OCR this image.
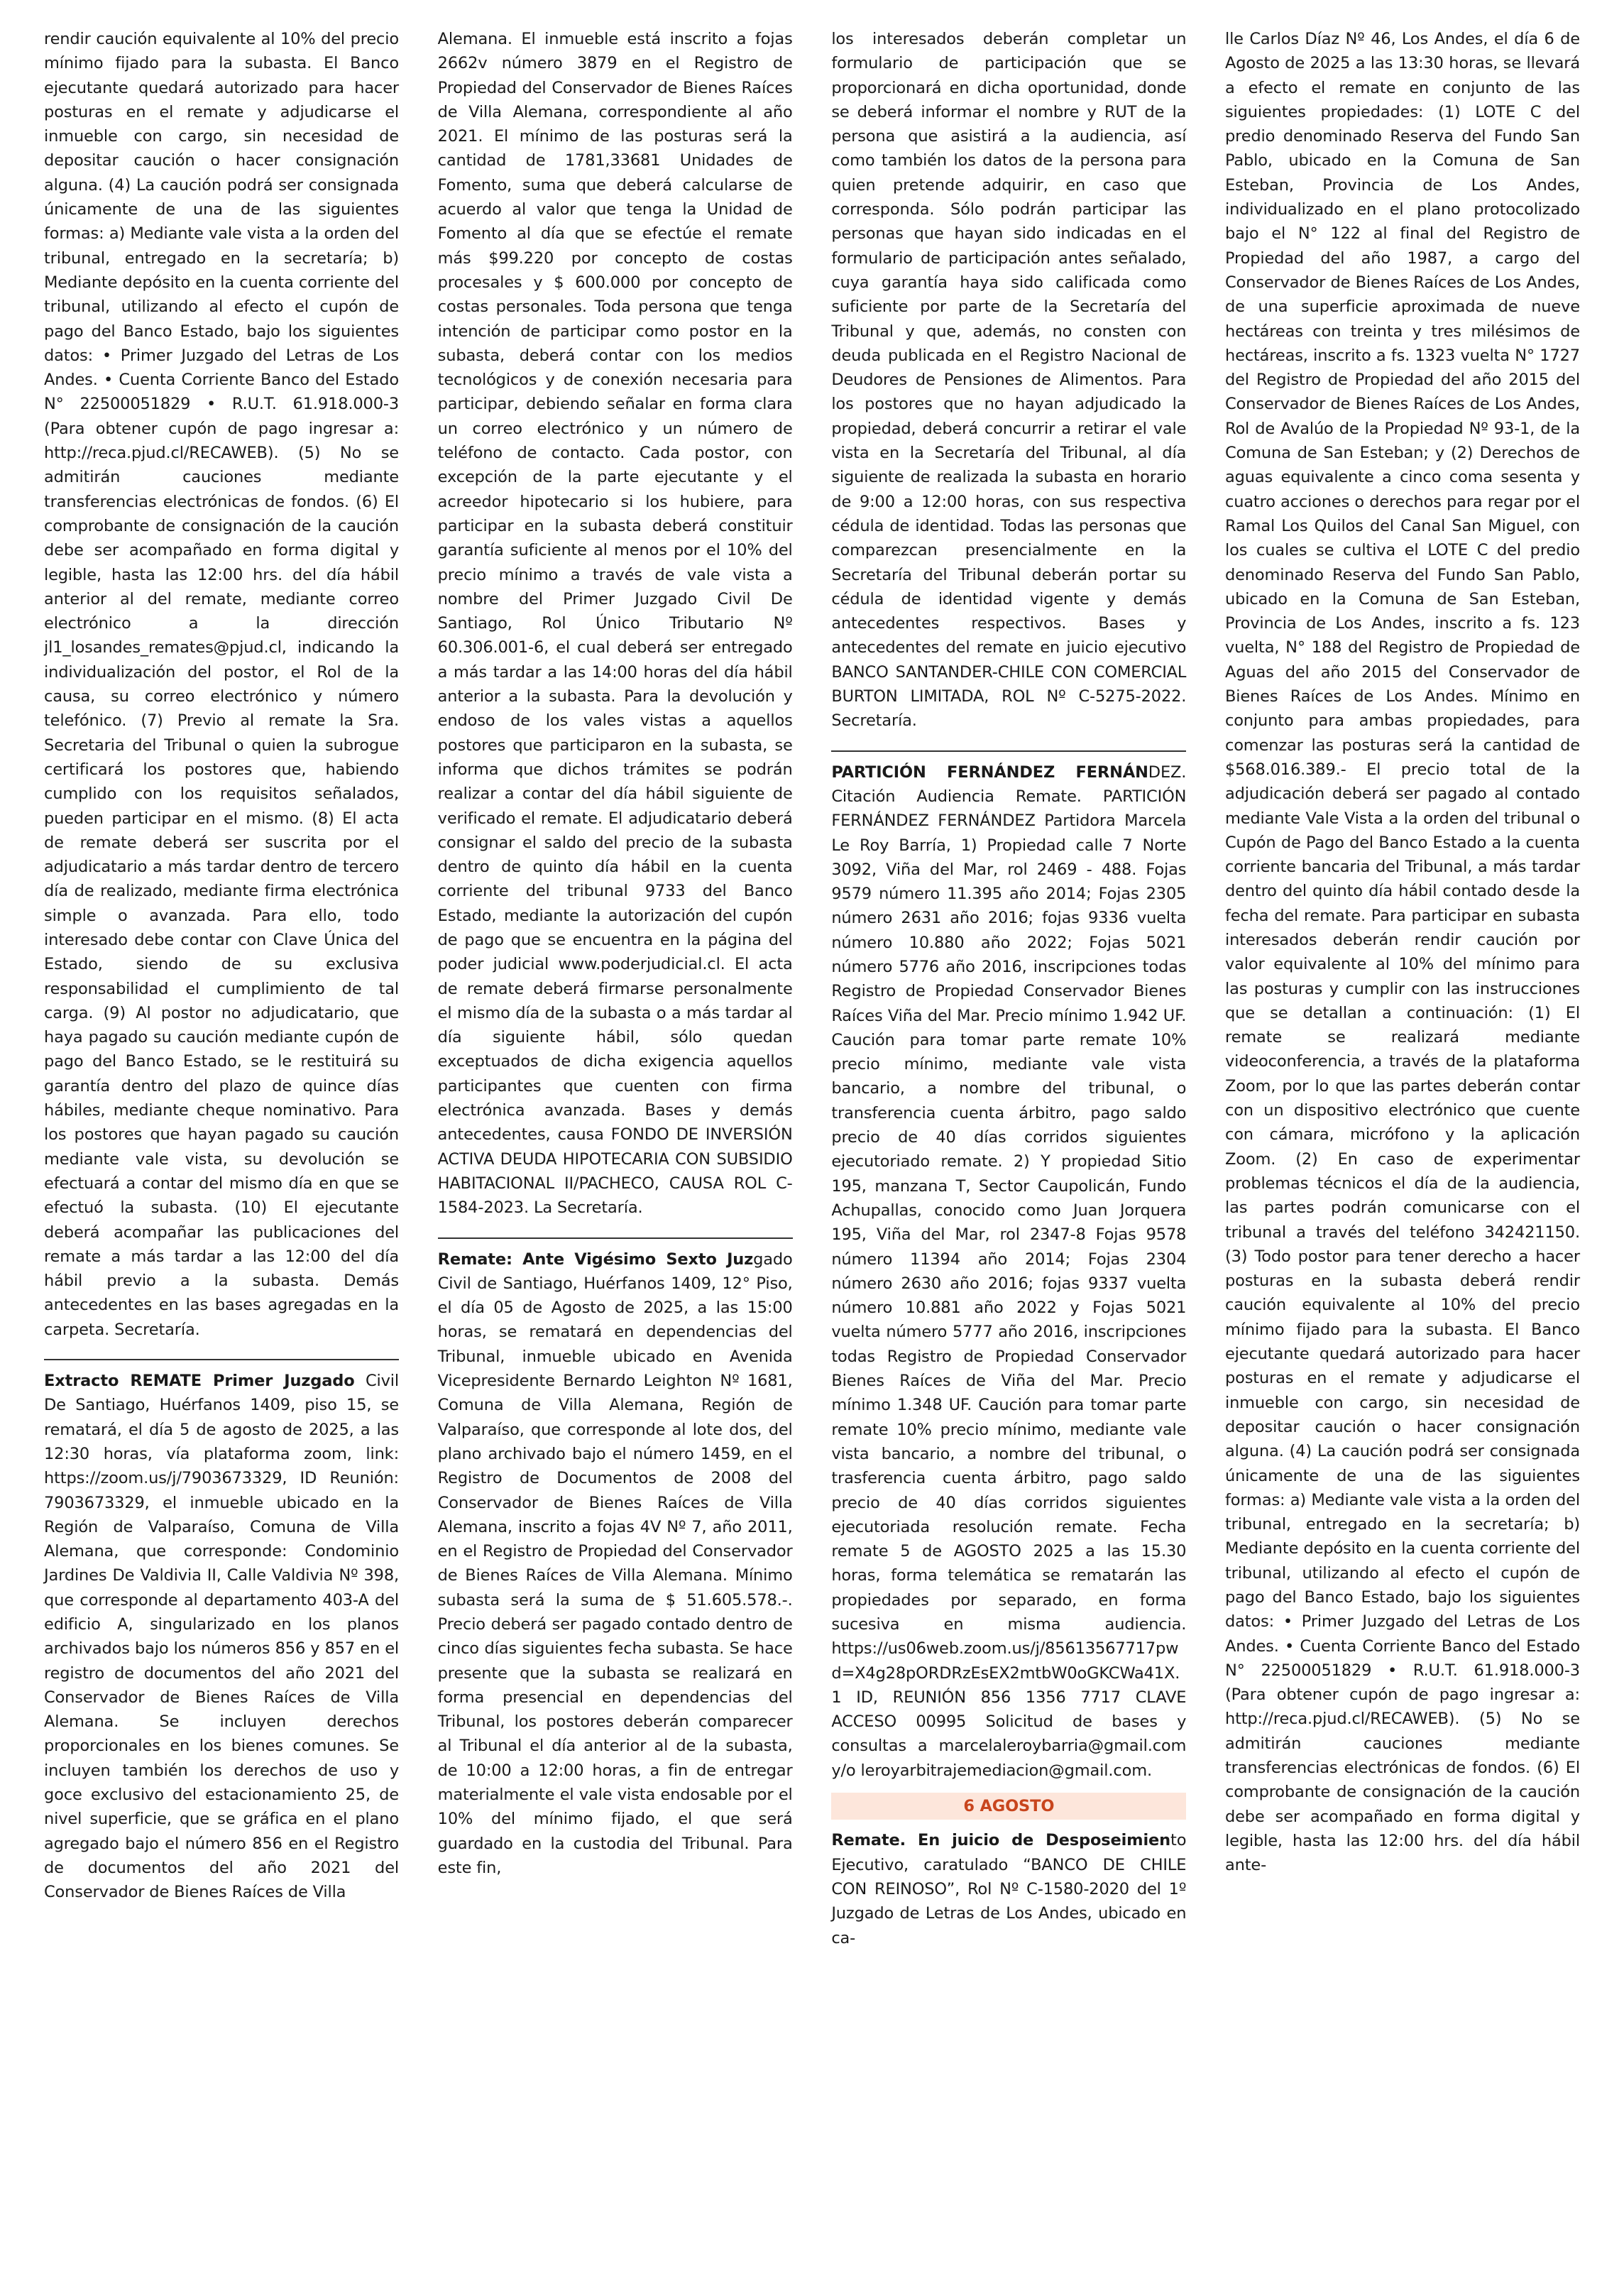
rendir caución equivalente al 10% del precio mínimo fijado para la subasta. El Banco ejecutante quedará autorizado para hacer posturas en el remate y adjudicarse el inmueble con cargo, sin necesidad de depositar caución o hacer consignación alguna. (4) La caución podrá ser consignada únicamente de una de las siguientes formas: a) Mediante vale vista a la orden del tribunal, entregado en la secretaría; b) Mediante depósito en la cuenta corriente del tribunal, utilizando al efecto el cupón de pago del Banco Estado, bajo los siguientes datos: • Primer Juzgado del Letras de Los Andes. • Cuenta Corriente Banco del Estado N° 22500051829 • R.U.T. 61.918.000-3 (Para obtener cupón de pago ingresar a: http://reca.pjud.cl/RECAWEB). (5) No se admitirán cauciones mediante transferencias electrónicas de fondos. (6) El comprobante de consignación de la caución debe ser acompañado en forma digital y legible, hasta las 12:00 hrs. del día hábil anterior al del remate, mediante correo electrónico a la dirección jl1_losandes_remates@pjud.cl, indicando la individualización del postor, el Rol de la causa, su correo electrónico y número telefónico. (7) Previo al remate la Sra. Secretaria del Tribunal o quien la subrogue certificará los postores que, habiendo cumplido con los requisitos señalados, pueden participar en el mismo. (8) El acta de remate deberá ser suscrita por el adjudicatario a más tardar dentro de tercero día de realizado, mediante firma electrónica simple o avanzada. Para ello, todo interesado debe contar con Clave Única del Estado, siendo de su exclusiva responsabilidad el cumplimiento de tal carga. (9) Al postor no adjudicatario, que haya pagado su caución mediante cupón de pago del Banco Estado, se le restituirá su garantía dentro del plazo de quince días hábiles, mediante cheque nominativo. Para los postores que hayan pagado su caución mediante vale vista, su devolución se efectuará a contar del mismo día en que se efectuó la subasta. (10) El ejecutante deberá acompañar las publicaciones del remate a más tardar a las 12:00 del día hábil previo a la subasta. Demás antecedentes en las bases agregadas en la carpeta. Secretaría.

Extracto REMATE Primer Juzgado Civil De Santiago, Huérfanos 1409, piso 15, se rematará, el día 5 de agosto de 2025, a las 12:30 horas, vía plataforma zoom, link: https://zoom.us/j/7903673329, ID Reunión: 7903673329, el inmueble ubicado en la Región de Valparaíso, Comuna de Villa Alemana, que corresponde: Condominio Jardines De Valdivia II, Calle Valdivia Nº 398, que corresponde al departamento 403-A del edificio A, singularizado en los planos archivados bajo los números 856 y 857 en el registro de documentos del año 2021 del Conservador de Bienes Raíces de Villa Alemana. Se incluyen derechos proporcionales en los bienes comunes. Se incluyen también los derechos de uso y goce exclusivo del estacionamiento 25, de nivel superficie, que se gráfica en el plano agregado bajo el número 856 en el Registro de documentos del año 2021 del Conservador de Bienes Raíces de Villa

Alemana. El inmueble está inscrito a fojas 2662v número 3879 en el Registro de Propiedad del Conservador de Bienes Raíces de Villa Alemana, correspondiente al año 2021. El mínimo de las posturas será la cantidad de 1781,33681 Unidades de Fomento, suma que deberá calcularse de acuerdo al valor que tenga la Unidad de Fomento al día que se efectúe el remate más $99.220 por concepto de costas procesales y $ 600.000 por concepto de costas personales. Toda persona que tenga intención de participar como postor en la subasta, deberá contar con los medios tecnológicos y de conexión necesaria para participar, debiendo señalar en forma clara un correo electrónico y un número de teléfono de contacto. Cada postor, con excepción de la parte ejecutante y el acreedor hipotecario si los hubiere, para participar en la subasta deberá constituir garantía suficiente al menos por el 10% del precio mínimo a través de vale vista a nombre del Primer Juzgado Civil De Santiago, Rol Único Tributario Nº 60.306.001-6, el cual deberá ser entregado a más tardar a las 14:00 horas del día hábil anterior a la subasta. Para la devolución y endoso de los vales vistas a aquellos postores que participaron en la subasta, se informa que dichos trámites se podrán realizar a contar del día hábil siguiente de verificado el remate. El adjudicatario deberá consignar el saldo del precio de la subasta dentro de quinto día hábil en la cuenta corriente del tribunal 9733 del Banco Estado, mediante la autorización del cupón de pago que se encuentra en la página del poder judicial www.poderjudicial.cl. El acta de remate deberá firmarse personalmente el mismo día de la subasta o a más tardar al día siguiente hábil, sólo quedan exceptuados de dicha exigencia aquellos participantes que cuenten con firma electrónica avanzada. Bases y demás antecedentes, causa FONDO DE INVERSIÓN ACTIVA DEUDA HIPOTECARIA CON SUBSIDIO HABITACIONAL II/PACHECO, CAUSA ROL C-1584-2023. La Secretaría.

Remate: Ante Vigésimo Sexto Juzgado Civil de Santiago, Huérfanos 1409, 12° Piso, el día 05 de Agosto de 2025, a las 15:00 horas, se rematará en dependencias del Tribunal, inmueble ubicado en Avenida Vicepresidente Bernardo Leighton Nº 1681, Comuna de Villa Alemana, Región de Valparaíso, que corresponde al lote dos, del plano archivado bajo el número 1459, en el Registro de Documentos de 2008 del Conservador de Bienes Raíces de Villa Alemana, inscrito a fojas 4V Nº 7, año 2011, en el Registro de Propiedad del Conservador de Bienes Raíces de Villa Alemana. Mínimo subasta será la suma de $ 51.605.578.-. Precio deberá ser pagado contado dentro de cinco días siguientes fecha subasta. Se hace presente que la subasta se realizará en forma presencial en dependencias del Tribunal, los postores deberán comparecer al Tribunal el día anterior al de la subasta, de 10:00 a 12:00 horas, a fin de entregar materialmente el vale vista endosable por el 10% del mínimo fijado, el que será guardado en la custodia del Tribunal. Para este fin,

los interesados deberán completar un formulario de participación que se proporcionará en dicha oportunidad, donde se deberá informar el nombre y RUT de la persona que asistirá a la audiencia, así como también los datos de la persona para quien pretende adquirir, en caso que corresponda. Sólo podrán participar las personas que hayan sido indicadas en el formulario de participación antes señalado, cuya garantía haya sido calificada como suficiente por parte de la Secretaría del Tribunal y que, además, no consten con deuda publicada en el Registro Nacional de Deudores de Pensiones de Alimentos. Para los postores que no hayan adjudicado la propiedad, deberá concurrir a retirar el vale vista en la Secretaría del Tribunal, al día siguiente de realizada la subasta en horario de 9:00 a 12:00 horas, con sus respectiva cédula de identidad. Todas las personas que comparezcan presencialmente en la Secretaría del Tribunal deberán portar su cédula de identidad vigente y demás antecedentes respectivos. Bases y antecedentes del remate en juicio ejecutivo BANCO SANTANDER-CHILE CON COMERCIAL BURTON LIMITADA, ROL Nº C-5275-2022. Secretaría.

PARTICIÓN FERNÁNDEZ FERNÁNDEZ. Citación Audiencia Remate. PARTICIÓN FERNÁNDEZ FERNÁNDEZ Partidora Marcela Le Roy Barría, 1) Propiedad calle 7 Norte 3092, Viña del Mar, rol 2469 - 488. Fojas 9579 número 11.395 año 2014; Fojas 2305 número 2631 año 2016; fojas 9336 vuelta número 10.880 año 2022; Fojas 5021 número 5776 año 2016, inscripciones todas Registro de Propiedad Conservador Bienes Raíces Viña del Mar. Precio mínimo 1.942 UF. Caución para tomar parte remate 10% precio mínimo, mediante vale vista bancario, a nombre del tribunal, o transferencia cuenta árbitro, pago saldo precio de 40 días corridos siguientes ejecutoriado remate. 2) Y propiedad Sitio 195, manzana T, Sector Caupolicán, Fundo Achupallas, conocido como Juan Jorquera 195, Viña del Mar, rol 2347-8 Fojas 9578 número 11394 año 2014; Fojas 2304 número 2630 año 2016; fojas 9337 vuelta número 10.881 año 2022 y Fojas 5021 vuelta número 5777 año 2016, inscripciones todas Registro de Propiedad Conservador Bienes Raíces de Viña del Mar. Precio mínimo 1.348 UF. Caución para tomar parte remate 10% precio mínimo, mediante vale vista bancario, a nombre del tribunal, o trasferencia cuenta árbitro, pago saldo precio de 40 días corridos siguientes ejecutoriada resolución remate. Fecha remate 5 de AGOSTO 2025 a las 15.30 horas, forma telemática se rematarán las propiedades por separado, en forma sucesiva en misma audiencia. https://us06web.zoom.us/j/85613567717pwd=X4g28pORDRzEsEX2mtbW0oGKCWa41X.1 ID, REUNIÓN 856 1356 7717 CLAVE ACCESO 00995 Solicitud de bases y consultas a marcelaleroybarria@gmail.com y/o leroyarbitrajemediacion@gmail.com.

6 AGOSTO

Remate. En juicio de Desposeimiento Ejecutivo, caratulado “BANCO DE CHILE CON REINOSO”, Rol Nº C-1580-2020 del 1º Juzgado de Letras de Los Andes, ubicado en ca-

lle Carlos Díaz Nº 46, Los Andes, el día 6 de Agosto de 2025 a las 13:30 horas, se llevará a efecto el remate en conjunto de las siguientes propiedades: (1) LOTE C del predio denominado Reserva del Fundo San Pablo, ubicado en la Comuna de San Esteban, Provincia de Los Andes, individualizado en el plano protocolizado bajo el N° 122 al final del Registro de Propiedad del año 1987, a cargo del Conservador de Bienes Raíces de Los Andes, de una superficie aproximada de nueve hectáreas con treinta y tres milésimos de hectáreas, inscrito a fs. 1323 vuelta N° 1727 del Registro de Propiedad del año 2015 del Conservador de Bienes Raíces de Los Andes, Rol de Avalúo de la Propiedad Nº 93-1, de la Comuna de San Esteban; y (2) Derechos de aguas equivalente a cinco coma sesenta y cuatro acciones o derechos para regar por el Ramal Los Quilos del Canal San Miguel, con los cuales se cultiva el LOTE C del predio denominado Reserva del Fundo San Pablo, ubicado en la Comuna de San Esteban, Provincia de Los Andes, inscrito a fs. 123 vuelta, N° 188 del Registro de Propiedad de Aguas del año 2015 del Conservador de Bienes Raíces de Los Andes. Mínimo en conjunto para ambas propiedades, para comenzar las posturas será la cantidad de $568.016.389.- El precio total de la adjudicación deberá ser pagado al contado mediante Vale Vista a la orden del tribunal o Cupón de Pago del Banco Estado a la cuenta corriente bancaria del Tribunal, a más tardar dentro del quinto día hábil contado desde la fecha del remate. Para participar en subasta interesados deberán rendir caución por valor equivalente al 10% del mínimo para las posturas y cumplir con las instrucciones que se detallan a continuación: (1) El remate se realizará mediante videoconferencia, a través de la plataforma Zoom, por lo que las partes deberán contar con un dispositivo electrónico que cuente con cámara, micrófono y la aplicación Zoom. (2) En caso de experimentar problemas técnicos el día de la audiencia, las partes podrán comunicarse con el tribunal a través del teléfono 342421150. (3) Todo postor para tener derecho a hacer posturas en la subasta deberá rendir caución equivalente al 10% del precio mínimo fijado para la subasta. El Banco ejecutante quedará autorizado para hacer posturas en el remate y adjudicarse el inmueble con cargo, sin necesidad de depositar caución o hacer consignación alguna. (4) La caución podrá ser consignada únicamente de una de las siguientes formas: a) Mediante vale vista a la orden del tribunal, entregado en la secretaría; b) Mediante depósito en la cuenta corriente del tribunal, utilizando al efecto el cupón de pago del Banco Estado, bajo los siguientes datos: • Primer Juzgado del Letras de Los Andes. • Cuenta Corriente Banco del Estado N° 22500051829 • R.U.T. 61.918.000-3 (Para obtener cupón de pago ingresar a: http://reca.pjud.cl/RECAWEB). (5) No se admitirán cauciones mediante transferencias electrónicas de fondos. (6) El comprobante de consignación de la caución debe ser acompañado en forma digital y legible, hasta las 12:00 hrs. del día hábil ante-
